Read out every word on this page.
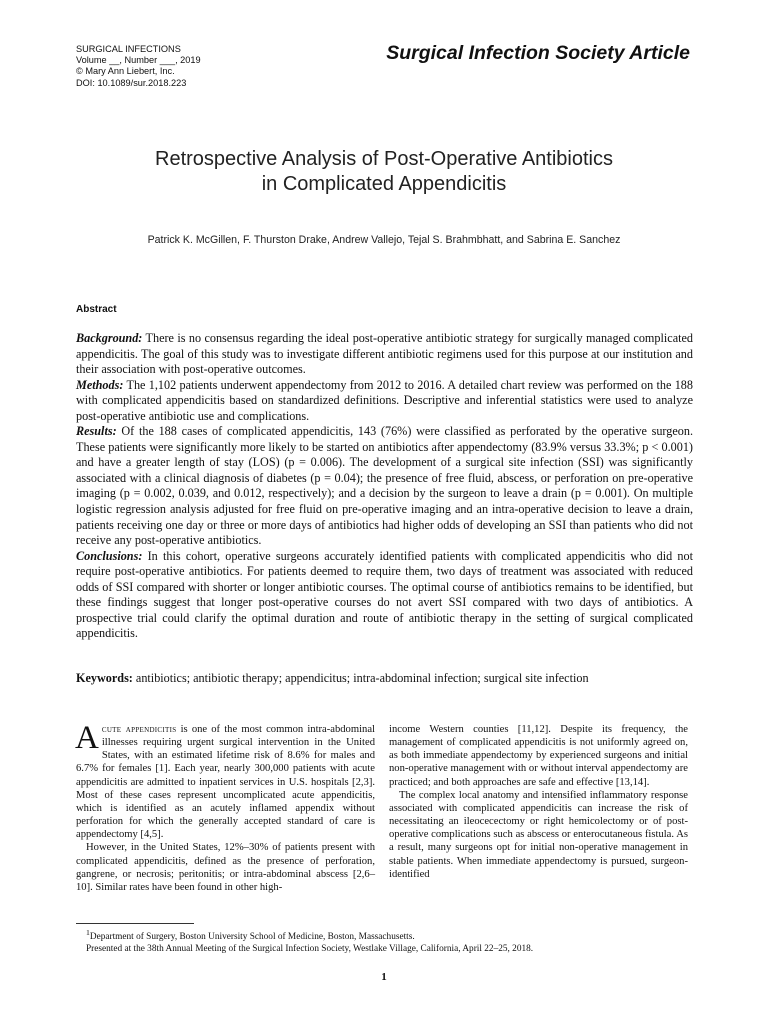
SURGICAL INFECTIONS
Volume __, Number ___, 2019
© Mary Ann Liebert, Inc.
DOI: 10.1089/sur.2018.223
Surgical Infection Society Article
Retrospective Analysis of Post-Operative Antibiotics
in Complicated Appendicitis
Patrick K. McGillen, F. Thurston Drake, Andrew Vallejo, Tejal S. Brahmbhatt, and Sabrina E. Sanchez
Abstract

Background: There is no consensus regarding the ideal post-operative antibiotic strategy for surgically managed complicated appendicitis. The goal of this study was to investigate different antibiotic regimens used for this purpose at our institution and their association with post-operative outcomes.

Methods: The 1,102 patients underwent appendectomy from 2012 to 2016. A detailed chart review was performed on the 188 with complicated appendicitis based on standardized definitions. Descriptive and inferential statistics were used to analyze post-operative antibiotic use and complications.

Results: Of the 188 cases of complicated appendicitis, 143 (76%) were classified as perforated by the operative surgeon. These patients were significantly more likely to be started on antibiotics after appendectomy (83.9% versus 33.3%; p < 0.001) and have a greater length of stay (LOS) (p = 0.006). The development of a surgical site infection (SSI) was significantly associated with a clinical diagnosis of diabetes (p = 0.04); the presence of free fluid, abscess, or perforation on pre-operative imaging (p = 0.002, 0.039, and 0.012, respectively); and a decision by the surgeon to leave a drain (p = 0.001). On multiple logistic regression analysis adjusted for free fluid on pre-operative imaging and an intra-operative decision to leave a drain, patients receiving one day or three or more days of antibiotics had higher odds of developing an SSI than patients who did not receive any post-operative antibiotics.

Conclusions: In this cohort, operative surgeons accurately identified patients with complicated appendicitis who did not require post-operative antibiotics. For patients deemed to require them, two days of treatment was associated with reduced odds of SSI compared with shorter or longer antibiotic courses. The optimal course of antibiotics remains to be identified, but these findings suggest that longer post-operative courses do not avert SSI compared with two days of antibiotics. A prospective trial could clarify the optimal duration and route of antibiotic therapy in the setting of surgical complicated appendicitis.

Keywords: antibiotics; antibiotic therapy; appendicitus; intra-abdominal infection; surgical site infection

Acute appendicitis is one of the most common intra-abdominal illnesses requiring urgent surgical intervention in the United States, with an estimated lifetime risk of 8.6% for males and 6.7% for females [1]. Each year, nearly 300,000 patients with acute appendicitis are admitted to inpatient services in U.S. hospitals [2,3]. Most of these cases represent uncomplicated acute appendicitis, which is identified as an acutely inflamed appendix without perforation for which the generally accepted standard of care is appendectomy [4,5].

However, in the United States, 12%–30% of patients present with complicated appendicitis, defined as the presence of perforation, gangrene, or necrosis; peritonitis; or intra-abdominal abscess [2,6–10]. Similar rates have been found in other high-

income Western counties [11,12]. Despite its frequency, the management of complicated appendicitis is not uniformly agreed on, as both immediate appendectomy by experienced surgeons and initial non-operative management with or without interval appendectomy are practiced; and both approaches are safe and effective [13,14].

The complex local anatomy and intensified inflammatory response associated with complicated appendicitis can increase the risk of necessitating an ileocecectomy or right hemicolectomy or of post-operative complications such as abscess or enterocutaneous fistula. As a result, many surgeons opt for initial non-operative management in stable patients. When immediate appendectomy is pursued, surgeon-identified

$^1$Department of Surgery, Boston University School of Medicine, Boston, Massachusetts.
Presented at the 38th Annual Meeting of the Surgical Infection Society, Westlake Village, California, April 22–25, 2018.
1
